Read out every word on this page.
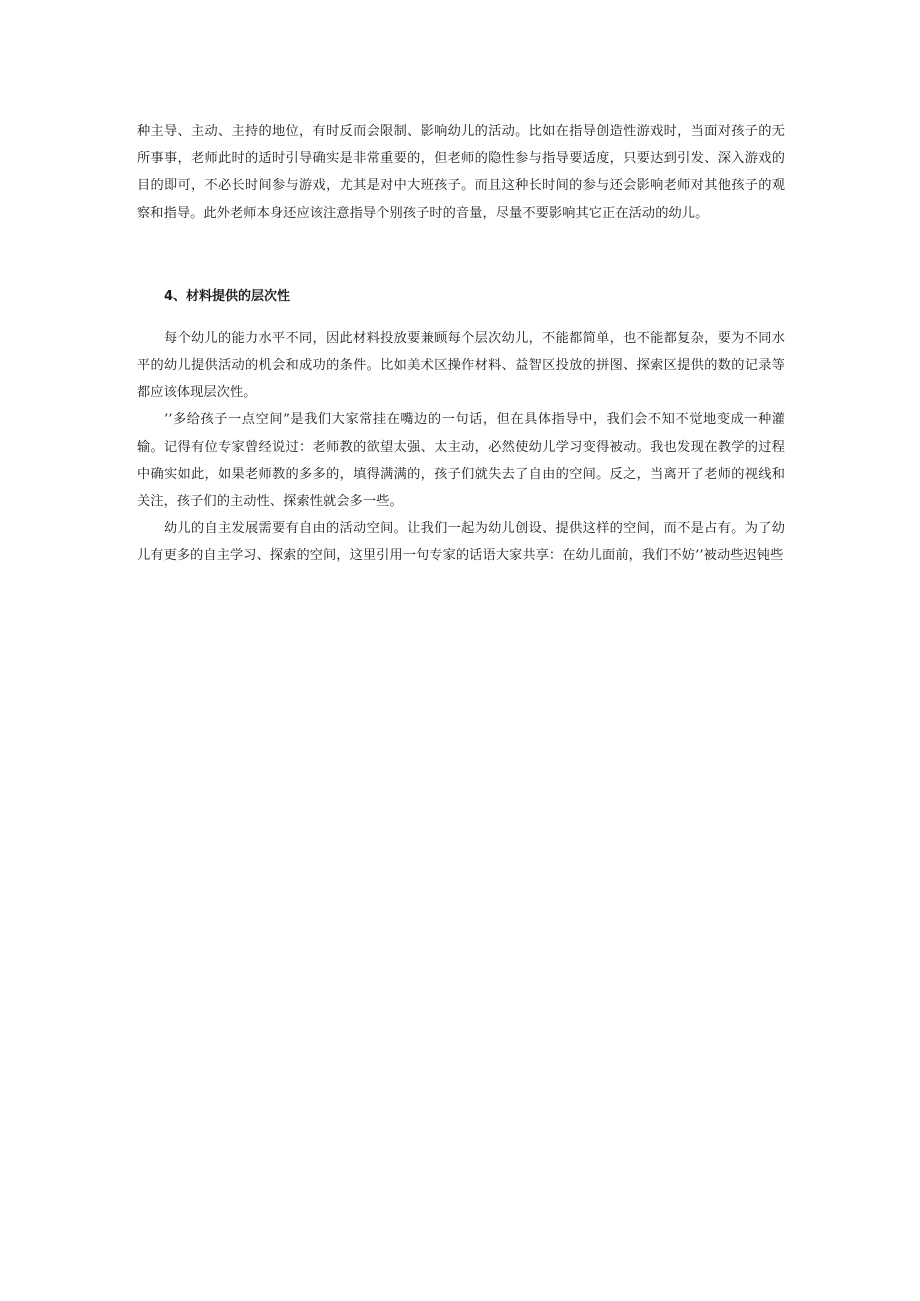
种主导、主动、主持的地位，有时反而会限制、影响幼儿的活动。比如在指导创造性游戏时，当面对孩子的无所事事，老师此时的适时引导确实是非常重要的，但老师的隐性参与指导要适度，只要达到引发、深入游戏的目的即可，不必长时间参与游戏，尤其是对中大班孩子。而且这种长时间的参与还会影响老师对其他孩子的观察和指导。此外老师本身还应该注意指导个别孩子时的音量，尽量不要影响其它正在活动的幼儿。

4、材料提供的层次性

每个幼儿的能力水平不同，因此材料投放要兼顾每个层次幼儿，不能都简单，也不能都复杂，要为不同水平的幼儿提供活动的机会和成功的条件。比如美术区操作材料、益智区投放的拼图、探索区提供的数的记录等都应该体现层次性。

’’多给孩子一点空间”是我们大家常挂在嘴边的一句话，但在具体指导中，我们会不知不觉地变成一种灌输。记得有位专家曾经说过：老师教的欲望太强、太主动，必然使幼儿学习变得被动。我也发现在教学的过程中确实如此，如果老师教的多多的，填得满满的，孩子们就失去了自由的空间。反之，当离开了老师的视线和关注，孩子们的主动性、探索性就会多一些。

幼儿的自主发展需要有自由的活动空间。让我们一起为幼儿创设、提供这样的空间，而不是占有。为了幼儿有更多的自主学习、探索的空间，这里引用一句专家的话语大家共享：在幼儿面前，我们不妨’’被动些迟钝些
